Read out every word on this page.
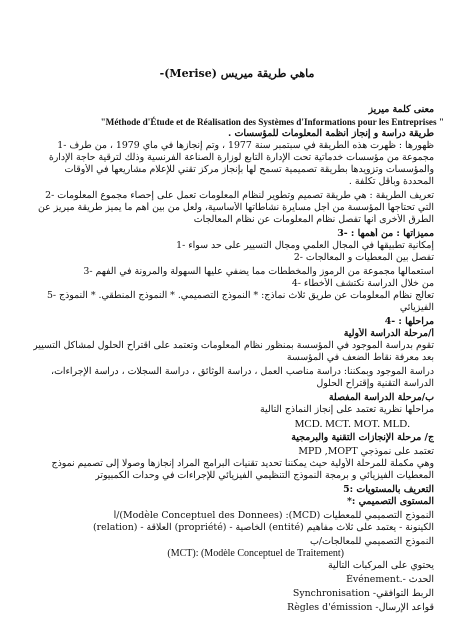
ماهي طريقة ميريس (Merise)-
معنى كلمة ميريز
"Méthode d'Étude et de Réalisation des Systèmes d'Informations pour les Entreprises "
طريقة دراسة و إنجاز أنظمة المعلومات للمؤسسات .
ظهورها : ظهرت هذه الطريقة في سبتمبر سنة 1977 ، وتم إنجازها في ماي 1979 ، من طرف -1
مجموعة من مؤسسات خدماتية تحت الإدارة التابع لوزارة الصناعة الفرنسية وذلك لترقية حاجة الإدارة
والمؤسسات وتزويدها بطريقة تصميمية تسمح لها بإنجاز مركز تقني للإعلام مشاريعها في الأوقات
المحددة وبأقل تكلفة .
تعريف الطريقة : هي طريقة تصميم وتطوير لنظام المعلومات تعمل على إحصاء مجموع المعلومات -2
التي تحتاجها المؤسسة من أجل مسايرة نشاطاتها الأساسية، ولعل من بين أهم ما يميز طريقة ميريز عن
الطرق الأخرى أنها تفصل نظام المعلومات عن نظام المعالجات
مميزاتها : من أهمها : -3
إمكانية تطبيقها في المجال العلمي ومجال التسيير على حد سواء -1
تفصل بين المعطيات و المعالجات -2
استعمالها مجموعة من الرموز والمخططات مما يضفي عليها السهولة والمرونة في الفهم -3
من خلال الدراسة نكتشف الأخطاء -4
تعالج نظام المعلومات عن طريق ثلاث نماذج: * النموذج التصميمي. * النموذج المنطقي. * النموذج -5
الفيزيائي
مراحلها : -4
أ/مرحلة الدراسة الأولية
تقوم بدراسة الموجود في المؤسسة بمنظور نظام المعلومات وتعتمد على اقتراح الحلول لمشاكل التسيير
بعد معرفة نقاط الضعف في المؤسسة
دراسة الموجود وبمكننا: دراسة مناصب العمل ، دراسة الوثائق ، دراسة السجلات ، دراسة الإجراءات،
الدراسة التقنية وإقتراح الحلول
ب/مرحلة الدراسة المفصلة
مراحلها نظرية تعتمد على إنجاز النماذج التالية
MCD. MCT. MOT. MLD.
ج/ مرحلة الإنجازات التقنية والبرمجية
تعتمد على نموذجي MPD ,MOPT
وهي مكملة للمرحلة الأولية حيث يمكننا تحديد تقنيات البرامج المراد إنجازها وصولا إلى تصميم نموذج
المعطيات الفيزيائي و برمجة النموذج التنظيمي الفيزيائي للإجراءات في وحدات الكمبيوتر
التعريف بالمستويات :5
المستوى التصميمي :*
النموذج التصميمي للمعطيات (MCD): (Modèle Conceptuel des Donnees)/أ
الكينونة - يعتمد على ثلاث مفاهيم (entité) الخاصية - (propriété) العلاقة - (relation)
النموذج التصميمي للمعالجات/ب
(MCT): (Modèle Conceptuel de Traitement)
يحتوي على المركبات التالية
الحدث -.Événement
الربط التوافقي- Synchronisation
قواعد الإرسال- Règles d'émission
